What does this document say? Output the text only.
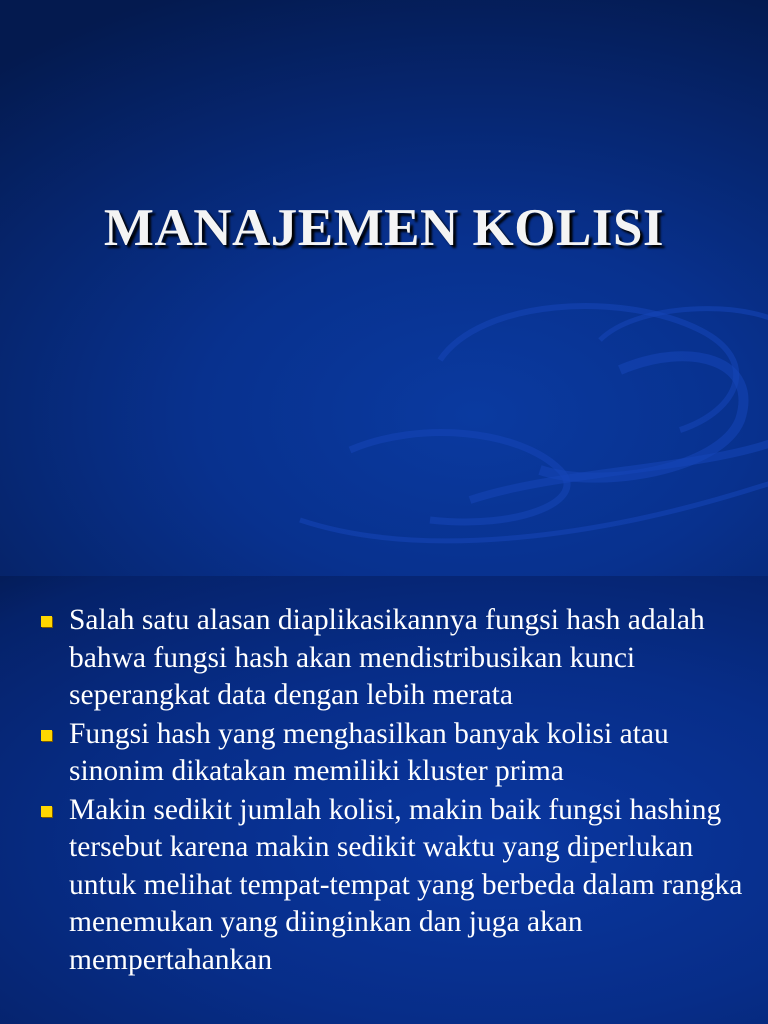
MANAJEMEN KOLISI
Salah satu alasan diaplikasikannya fungsi hash adalah bahwa fungsi hash akan mendistribusikan kunci seperangkat data dengan lebih merata
Fungsi hash yang menghasilkan banyak kolisi atau sinonim dikatakan memiliki kluster prima
Makin sedikit jumlah kolisi, makin baik fungsi hashing tersebut karena makin sedikit waktu yang diperlukan untuk melihat tempat-tempat yang berbeda dalam rangka menemukan yang diinginkan dan juga akan mempertahankan
